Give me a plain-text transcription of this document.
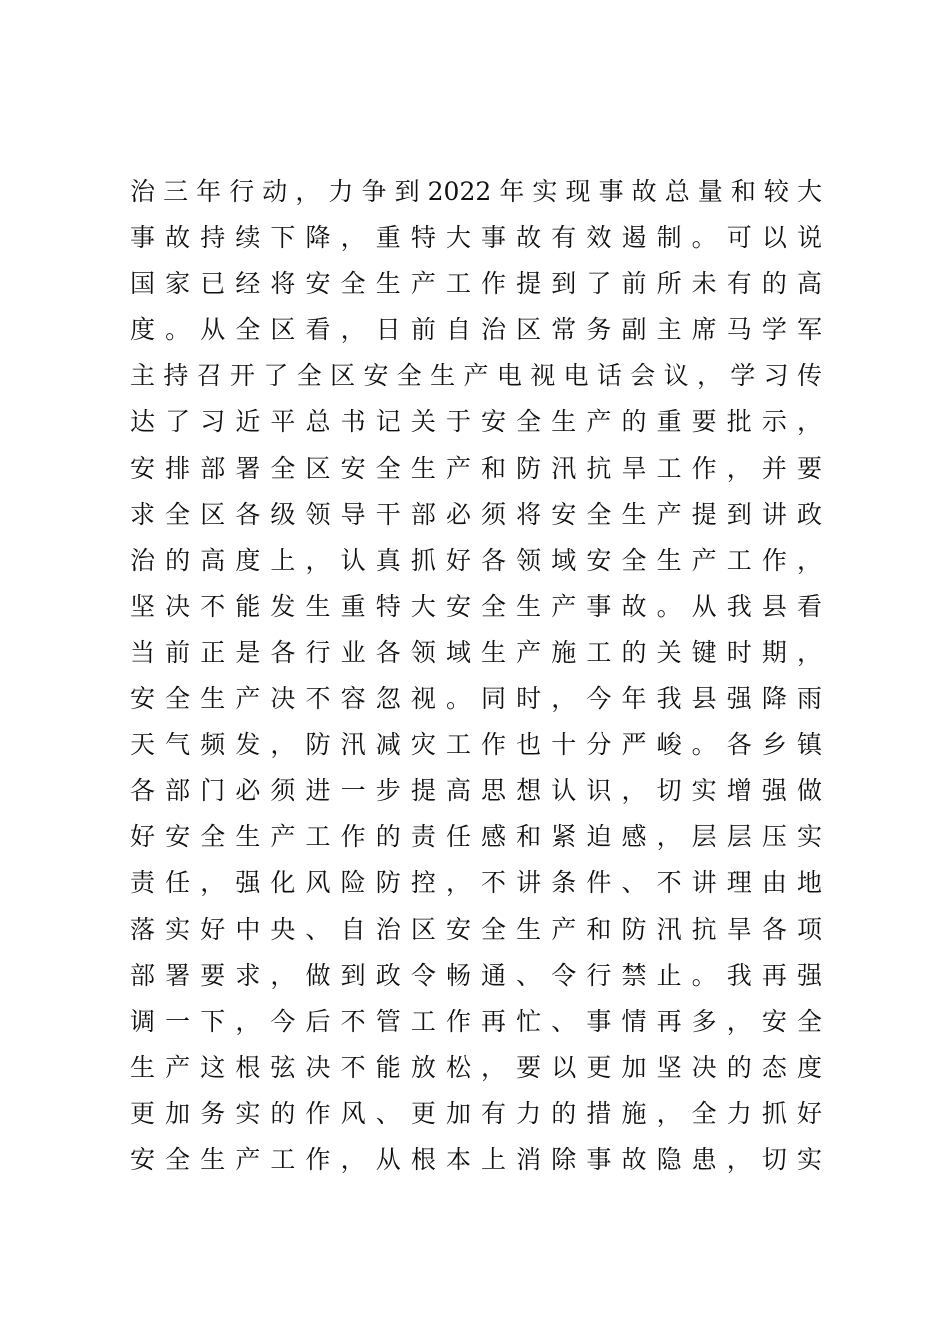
治三年行动，力争到2022年实现事故总量和较大
事故持续下降，重特大事故有效遏制。可以说
国家已经将安全生产工作提到了前所未有的高
度。从全区看，日前自治区常务副主席马学军
主持召开了全区安全生产电视电话会议，学习传
达了习近平总书记关于安全生产的重要批示，
安排部署全区安全生产和防汛抗旱工作，并要
求全区各级领导干部必须将安全生产提到讲政
治的高度上，认真抓好各领域安全生产工作，
坚决不能发生重特大安全生产事故。从我县看
当前正是各行业各领域生产施工的关键时期，
安全生产决不容忽视。同时，今年我县强降雨
天气频发，防汛减灾工作也十分严峻。各乡镇
各部门必须进一步提高思想认识，切实增强做
好安全生产工作的责任感和紧迫感，层层压实
责任，强化风险防控，不讲条件、不讲理由地
落实好中央、自治区安全生产和防汛抗旱各项
部署要求，做到政令畅通、令行禁止。我再强
调一下，今后不管工作再忙、事情再多，安全
生产这根弦决不能放松，要以更加坚决的态度
更加务实的作风、更加有力的措施，全力抓好
安全生产工作，从根本上消除事故隐患，切实
